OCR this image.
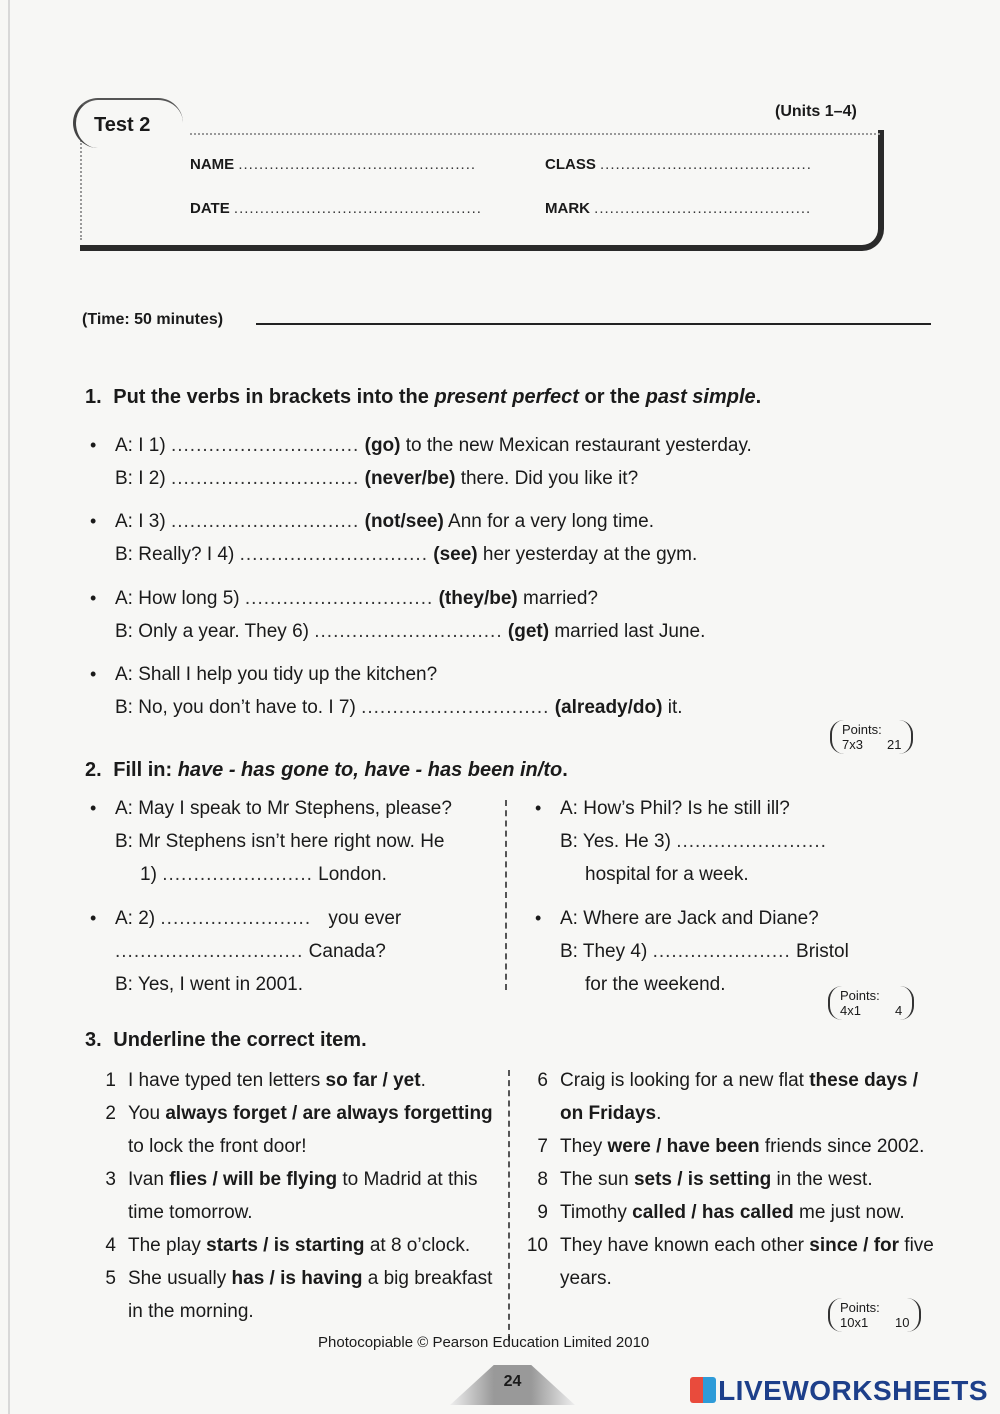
Test 2
(Units 1–4)
NAME ..............................................	CLASS .........................................
DATE ................................................	MARK ..........................................
(Time: 50 minutes)
1. Put the verbs in brackets into the present perfect or the past simple.
• A: I 1) .............................. (go) to the new Mexican restaurant yesterday.
B: I 2) .............................. (never/be) there. Did you like it?
• A: I 3) .............................. (not/see) Ann for a very long time.
B: Really? I 4) .............................. (see) her yesterday at the gym.
• A: How long 5) .............................. (they/be) married?
B: Only a year. They 6) .............................. (get) married last June.
• A: Shall I help you tidy up the kitchen?
B: No, you don’t have to. I 7) .............................. (already/do) it.
Points:
7x3 21
2. Fill in: have - has gone to, have - has been in/to.
• A: May I speak to Mr Stephens, please?
B: Mr Stephens isn’t here right now. He
1) ........................ London.
• A: 2) ........................ you ever
.............................. Canada?
B: Yes, I went in 2001.
• A: How’s Phil? Is he still ill?
B: Yes. He 3) ........................
hospital for a week.
• A: Where are Jack and Diane?
B: They 4) ...................... Bristol
for the weekend.
Points:
4x1	4
3. Underline the correct item.
1 I have typed ten letters so far / yet.
2 You always forget / are always forgetting
to lock the front door!
3 Ivan flies / will be flying to Madrid at this
time tomorrow.
4 The play starts / is starting at 8 o’clock.
5 She usually has / is having a big breakfast
in the morning.
6 Craig is looking for a new flat these days /
on Fridays.
7 They were / have been friends since 2002.
8 The sun sets / is setting in the west.
9 Timothy called / has called me just now.
10 They have known each other since / for five
years.
Points:
10x1 10
Photocopiable © Pearson Education Limited 2010
24	LIVEWORKSHEETS
